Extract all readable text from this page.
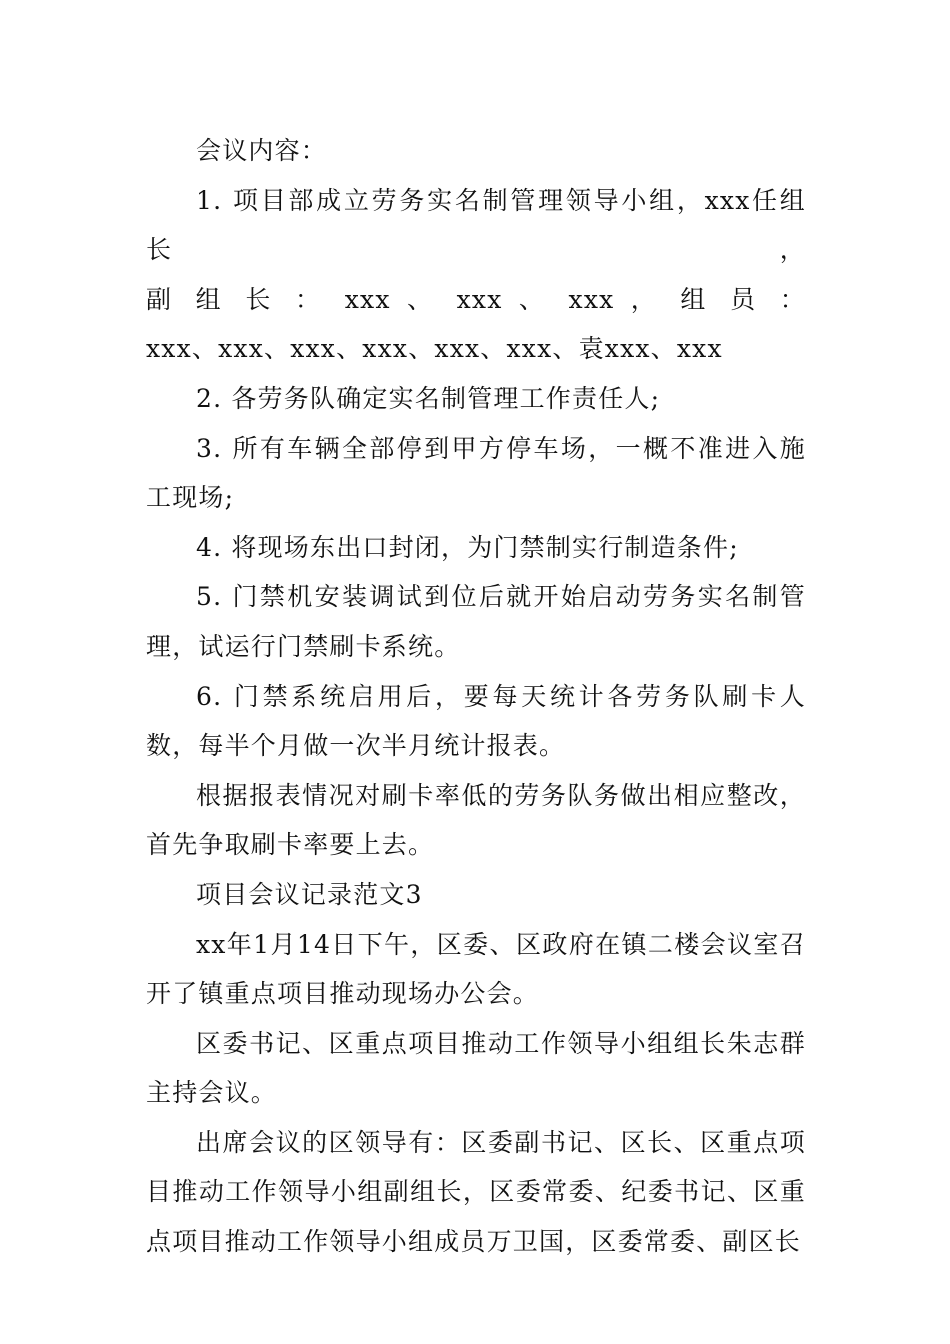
会议内容：

1. 项目部成立劳务实名制管理领导小组，xxx任组长，
副 组 长 ： xxx 、 xxx 、 xxx ， 组 员 ：
xxx、xxx、xxx、xxx、xxx、xxx、袁xxx、xxx

2. 各劳务队确定实名制管理工作责任人;

3. 所有车辆全部停到甲方停车场，一概不准进入施工现场;

4. 将现场东出口封闭，为门禁制实行制造条件;

5. 门禁机安装调试到位后就开始启动劳务实名制管理，试运行门禁刷卡系统。

6. 门禁系统启用后，要每天统计各劳务队刷卡人数，每半个月做一次半月统计报表。

根据报表情况对刷卡率低的劳务队务做出相应整改，首先争取刷卡率要上去。

项目会议记录范文3

xx年1月14日下午，区委、区政府在镇二楼会议室召开了镇重点项目推动现场办公会。

区委书记、区重点项目推动工作领导小组组长朱志群主持会议。

出席会议的区领导有：区委副书记、区长、区重点项目推动工作领导小组副组长，区委常委、纪委书记、区重点项目推动工作领导小组成员万卫国，区委常委、副区长
